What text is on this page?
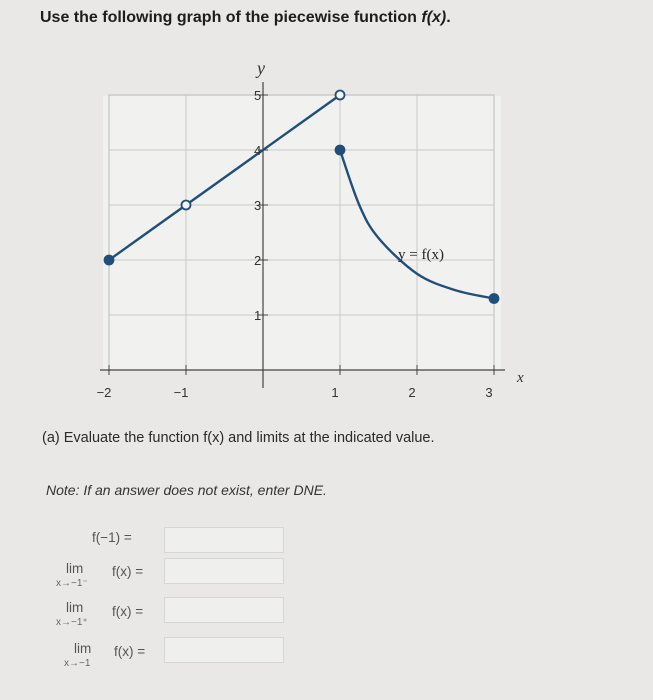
Use the following graph of the piecewise function f(x).
−2	−1	1	2	3
5
4
3
2
1
x
y
y = f(x)
(a) Evaluate the function f(x) and limits at the indicated value.
Note: If an answer does not exist, enter DNE.
f(−1) =
lim
x→−1⁻
f(x) =
lim
x→−1⁺
f(x) =
lim
x→−1
f(x) =
